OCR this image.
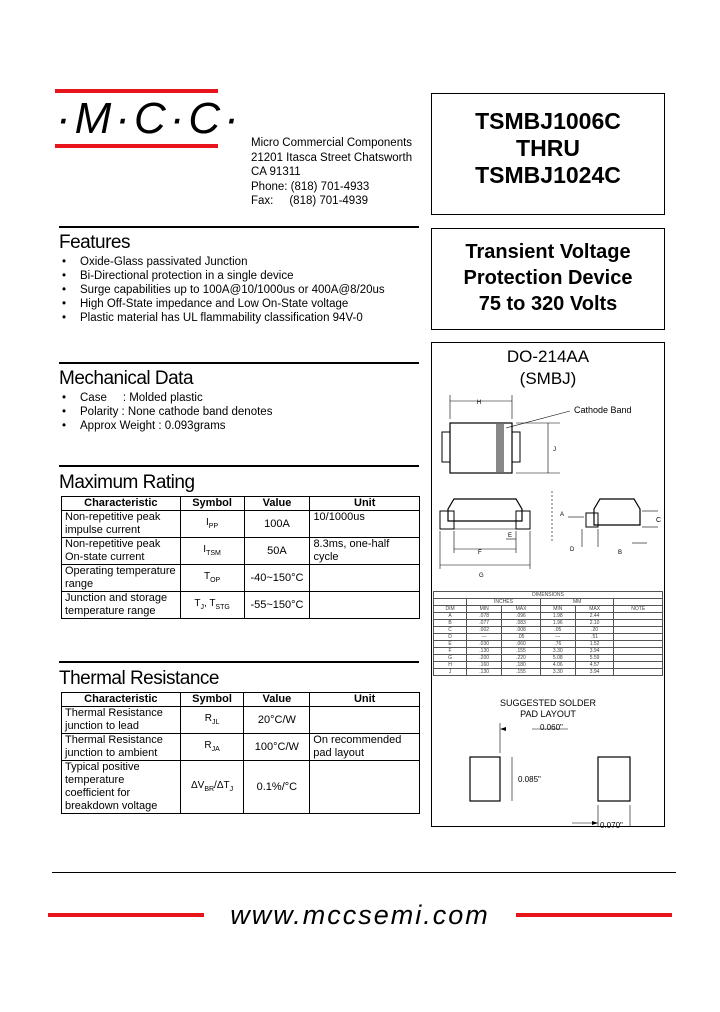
·M·C·C· Micro Commercial Components
21201 Itasca Street Chatsworth
CA 91311
Phone: (818) 701-4933
Fax:     (818) 701-4939
TSMBJ1006C
THRU
TSMBJ1024C
Transient Voltage
Protection Device
75 to 320 Volts
DO-214AA
(SMBJ)
H
J
E
F
G
A
C
D	B
Cathode Band
SUGGESTED SOLDER
PAD LAYOUT
0.060"
0.085"
0.070"
DIMENSIONS					
	INCHES		MM		
DIM	MIN	MAX	MIN	MAX	NOTE
A	.078	.096	1.98	2.44	
B	.077	.083	1.96	2.10	
C	.002	.008	.05	.20	
D	---	.05	---	.51	
E	.030	.060	.76	1.52	
F	.130	.155	3.30	3.94	
G	.200	.220	5.08	5.59	
H	.160	.180	4.06	4.57	
J	.130	.155	3.30	3.94	
Features
• Oxide-Glass passivated Junction
• Bi-Directional protection in a single device
• Surge capabilities up to 100A@10/1000us or 400A@8/20us
• High Off-State impedance and Low On-State voltage
• Plastic material has UL flammability classification 94V-0
Mechanical Data
• Case     : Molded plastic
• Polarity : None cathode band denotes
• Approx Weight : 0.093grams
Maximum Rating
Characteristic	Symbol	Value	Unit
Non-repetitive peak impulse current	$I_{PP}$	100A	10/1000us
Non-repetitive peak On-state current	$I_{TSM}$	50A	8.3ms, one-half cycle
Operating temperature range	$T_{OP}$	-40~150°C	
Junction and storage temperature range	$T_J$, $T_{STG}$	-55~150°C	
Thermal Resistance
Characteristic	Symbol	Value	Unit
Thermal Resistance junction to lead	$R_{JL}$	20°C/W	
Thermal Resistance junction to ambient	$R_{JA}$	100°C/W	On recommended pad layout
Typical positive temperature coefficient for breakdown voltage	$\Delta V_{BR}/\Delta T_J$	0.1%/°C	
www.mccsemi.com
